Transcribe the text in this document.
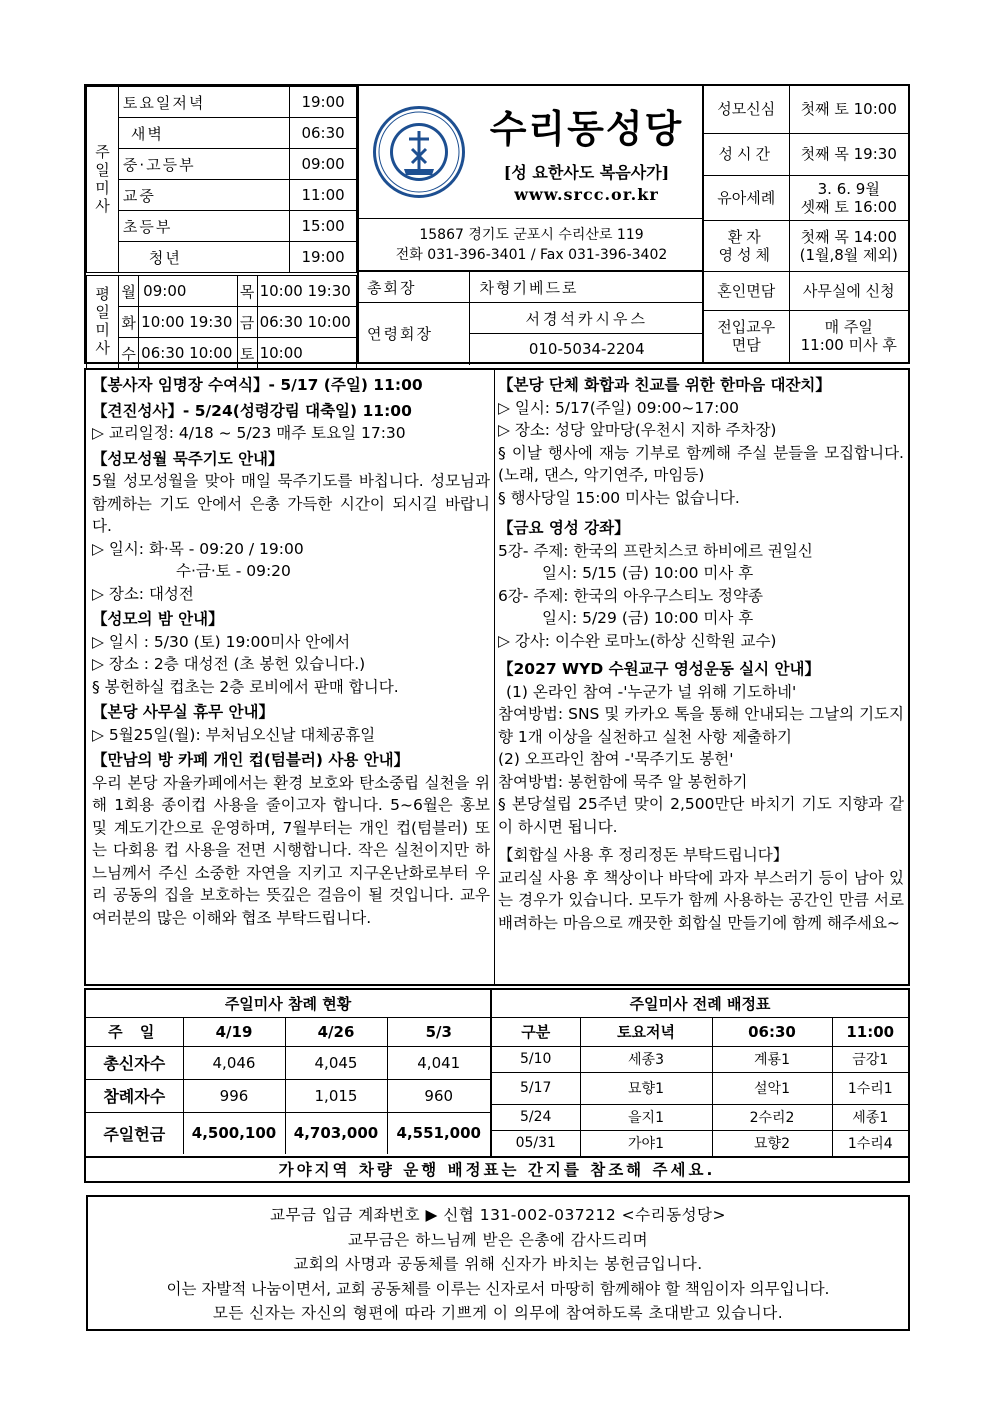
주일미사	토요일저녁	19:00
	새벽	06:30
	중·고등부	09:00
	교중	11:00
	초등부	15:00
	청년	19:00
평일미사	월	09:00	목	10:00 19:30
	화	10:00 19:30	금	06:30 10:00
	수	06:30 10:00	토	10:00
수리동성당
[성 요한사도 복음사가]
www.srcc.or.kr
15867 경기도 군포시 수리산로 119
전화 031-396-3401 / Fax 031-396-3402
총회장	차형기베드로
연령회장	서경석카시우스
	010-5034-2204
성모신심	첫째 토 10:00
성시간	첫째 목 19:30
유아세례	3. 6. 9월
셋째 토 16:00
환자
영성체	첫째 목 14:00
(1월,8월 제외)
혼인면담	사무실에 신청
전입교우
면담	매 주일
11:00 미사 후
【봉사자 임명장 수여식】- 5/17 (주일) 11:00
【견진성사】- 5/24(성령강림 대축일) 11:00
▷ 교리일정: 4/18 ~ 5/23 매주 토요일 17:30
【성모성월 묵주기도 안내】
5월 성모성월을 맞아 매일 묵주기도를 바칩니다. 성모님과 함께하는 기도 안에서 은총 가득한 시간이 되시길 바랍니다.
▷ 일시: 화·목 - 09:20 / 19:00
수·금·토 - 09:20
▷ 장소: 대성전
【성모의 밤 안내】
▷ 일시 : 5/30 (토) 19:00미사 안에서
▷ 장소 : 2층 대성전 (초 봉헌 있습니다.)
§ 봉헌하실 컵초는 2층 로비에서 판매 합니다.
【본당 사무실 휴무 안내】
▷ 5월25일(월): 부처님오신날 대체공휴일
【만남의 방 카페 개인 컵(텀블러) 사용 안내】
우리 본당 자율카페에서는 환경 보호와 탄소중립 실천을 위해 1회용 종이컵 사용을 줄이고자 합니다. 5~6월은 홍보 및 계도기간으로 운영하며, 7월부터는 개인 컵(텀블러) 또는 다회용 컵 사용을 전면 시행합니다. 작은 실천이지만 하느님께서 주신 소중한 자연을 지키고 지구온난화로부터 우리 공동의 집을 보호하는 뜻깊은 걸음이 될 것입니다. 교우 여러분의 많은 이해와 협조 부탁드립니다.
【본당 단체 화합과 친교를 위한 한마음 대잔치】
▷ 일시: 5/17(주일) 09:00~17:00
▷ 장소: 성당 앞마당(우천시 지하 주차장)
§ 이날 행사에 재능 기부로 함께해 주실 분들을 모집합니다. (노래, 댄스, 악기연주, 마임등)
§ 행사당일 15:00 미사는 없습니다.
【금요 영성 강좌】
5강- 주제: 한국의 프란치스코 하비에르 권일신
일시: 5/15 (금) 10:00 미사 후
6강- 주제: 한국의 아우구스티노 정약종
일시: 5/29 (금) 10:00 미사 후
▷ 강사: 이수완 로마노(하상 신학원 교수)
【2027 WYD 수원교구 영성운동 실시 안내】
(1) 온라인 참여 -'누군가 널 위해 기도하네'
참여방법: SNS 및 카카오 톡을 통해 안내되는 그날의 기도지향 1개 이상을 실천하고 실천 사항 제출하기
(2) 오프라인 참여 -'묵주기도 봉헌'
참여방법: 봉헌함에 묵주 알 봉헌하기
§ 본당설립 25주년 맞이 2,500만단 바치기 기도 지향과 같이 하시면 됩니다.
【회합실 사용 후 정리정돈 부탁드립니다】
교리실 사용 후 책상이나 바닥에 과자 부스러기 등이 남아 있는 경우가 있습니다. 모두가 함께 사용하는 공간인 만큼 서로 배려하는 마음으로 깨끗한 회합실 만들기에 함께 해주세요~
주일미사 참례 현황			
주 일	4/19	4/26	5/3
총신자수	4,046	4,045	4,041
참례자수	996	1,015	960
주일헌금	4,500,100	4,703,000	4,551,000
주일미사 전례 배정표			
구분	토요저녁	06:30	11:00
5/10	세종3	계룡1	금강1
5/17	묘향1	설악1	1수리1
5/24	을지1	2수리2	세종1
05/31	가야1	묘향2	1수리4
가야지역 차량 운행 배정표는 간지를 참조해 주세요.
교무금 입금 계좌번호 ▶ 신협 131-002-037212 <수리동성당>
교무금은 하느님께 받은 은총에 감사드리며
교회의 사명과 공동체를 위해 신자가 바치는 봉헌금입니다.
이는 자발적 나눔이면서, 교회 공동체를 이루는 신자로서 마땅히 함께해야 할 책임이자 의무입니다.
모든 신자는 자신의 형편에 따라 기쁘게 이 의무에 참여하도록 초대받고 있습니다.
